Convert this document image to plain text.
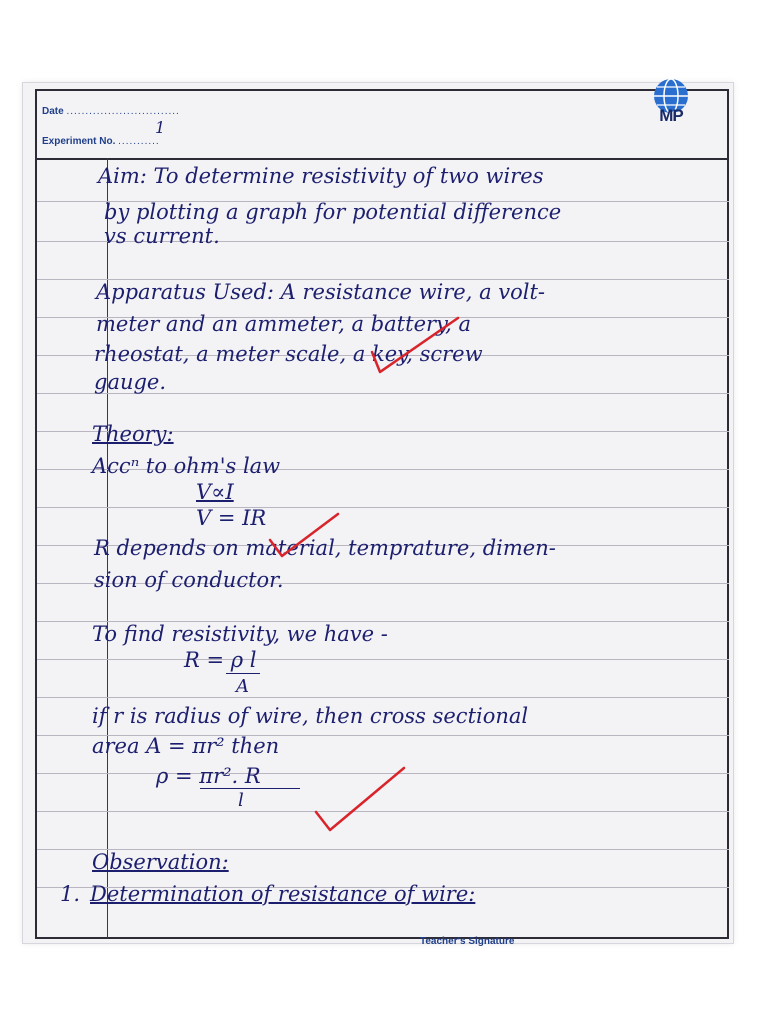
Date ..............................
Experiment No. ...........
1
MP
Aim: To determine resistivity of two wires
by plotting a graph for potential difference
vs current.
Apparatus Used: A resistance wire, a volt-
meter and an ammeter, a battery, a
rheostat, a meter scale, a key, screw
gauge.
Theory:
Accⁿ to ohm's law
V∝I
V = IR
R depends on material, temprature, dimen-
sion of conductor.
To find resistivity, we have -
R = ρ l
A
if r is radius of wire, then cross sectional
area A = πr² then
ρ = πr². R
l
Observation:
1. Determination of resistance of wire:
Teacher's Signature
